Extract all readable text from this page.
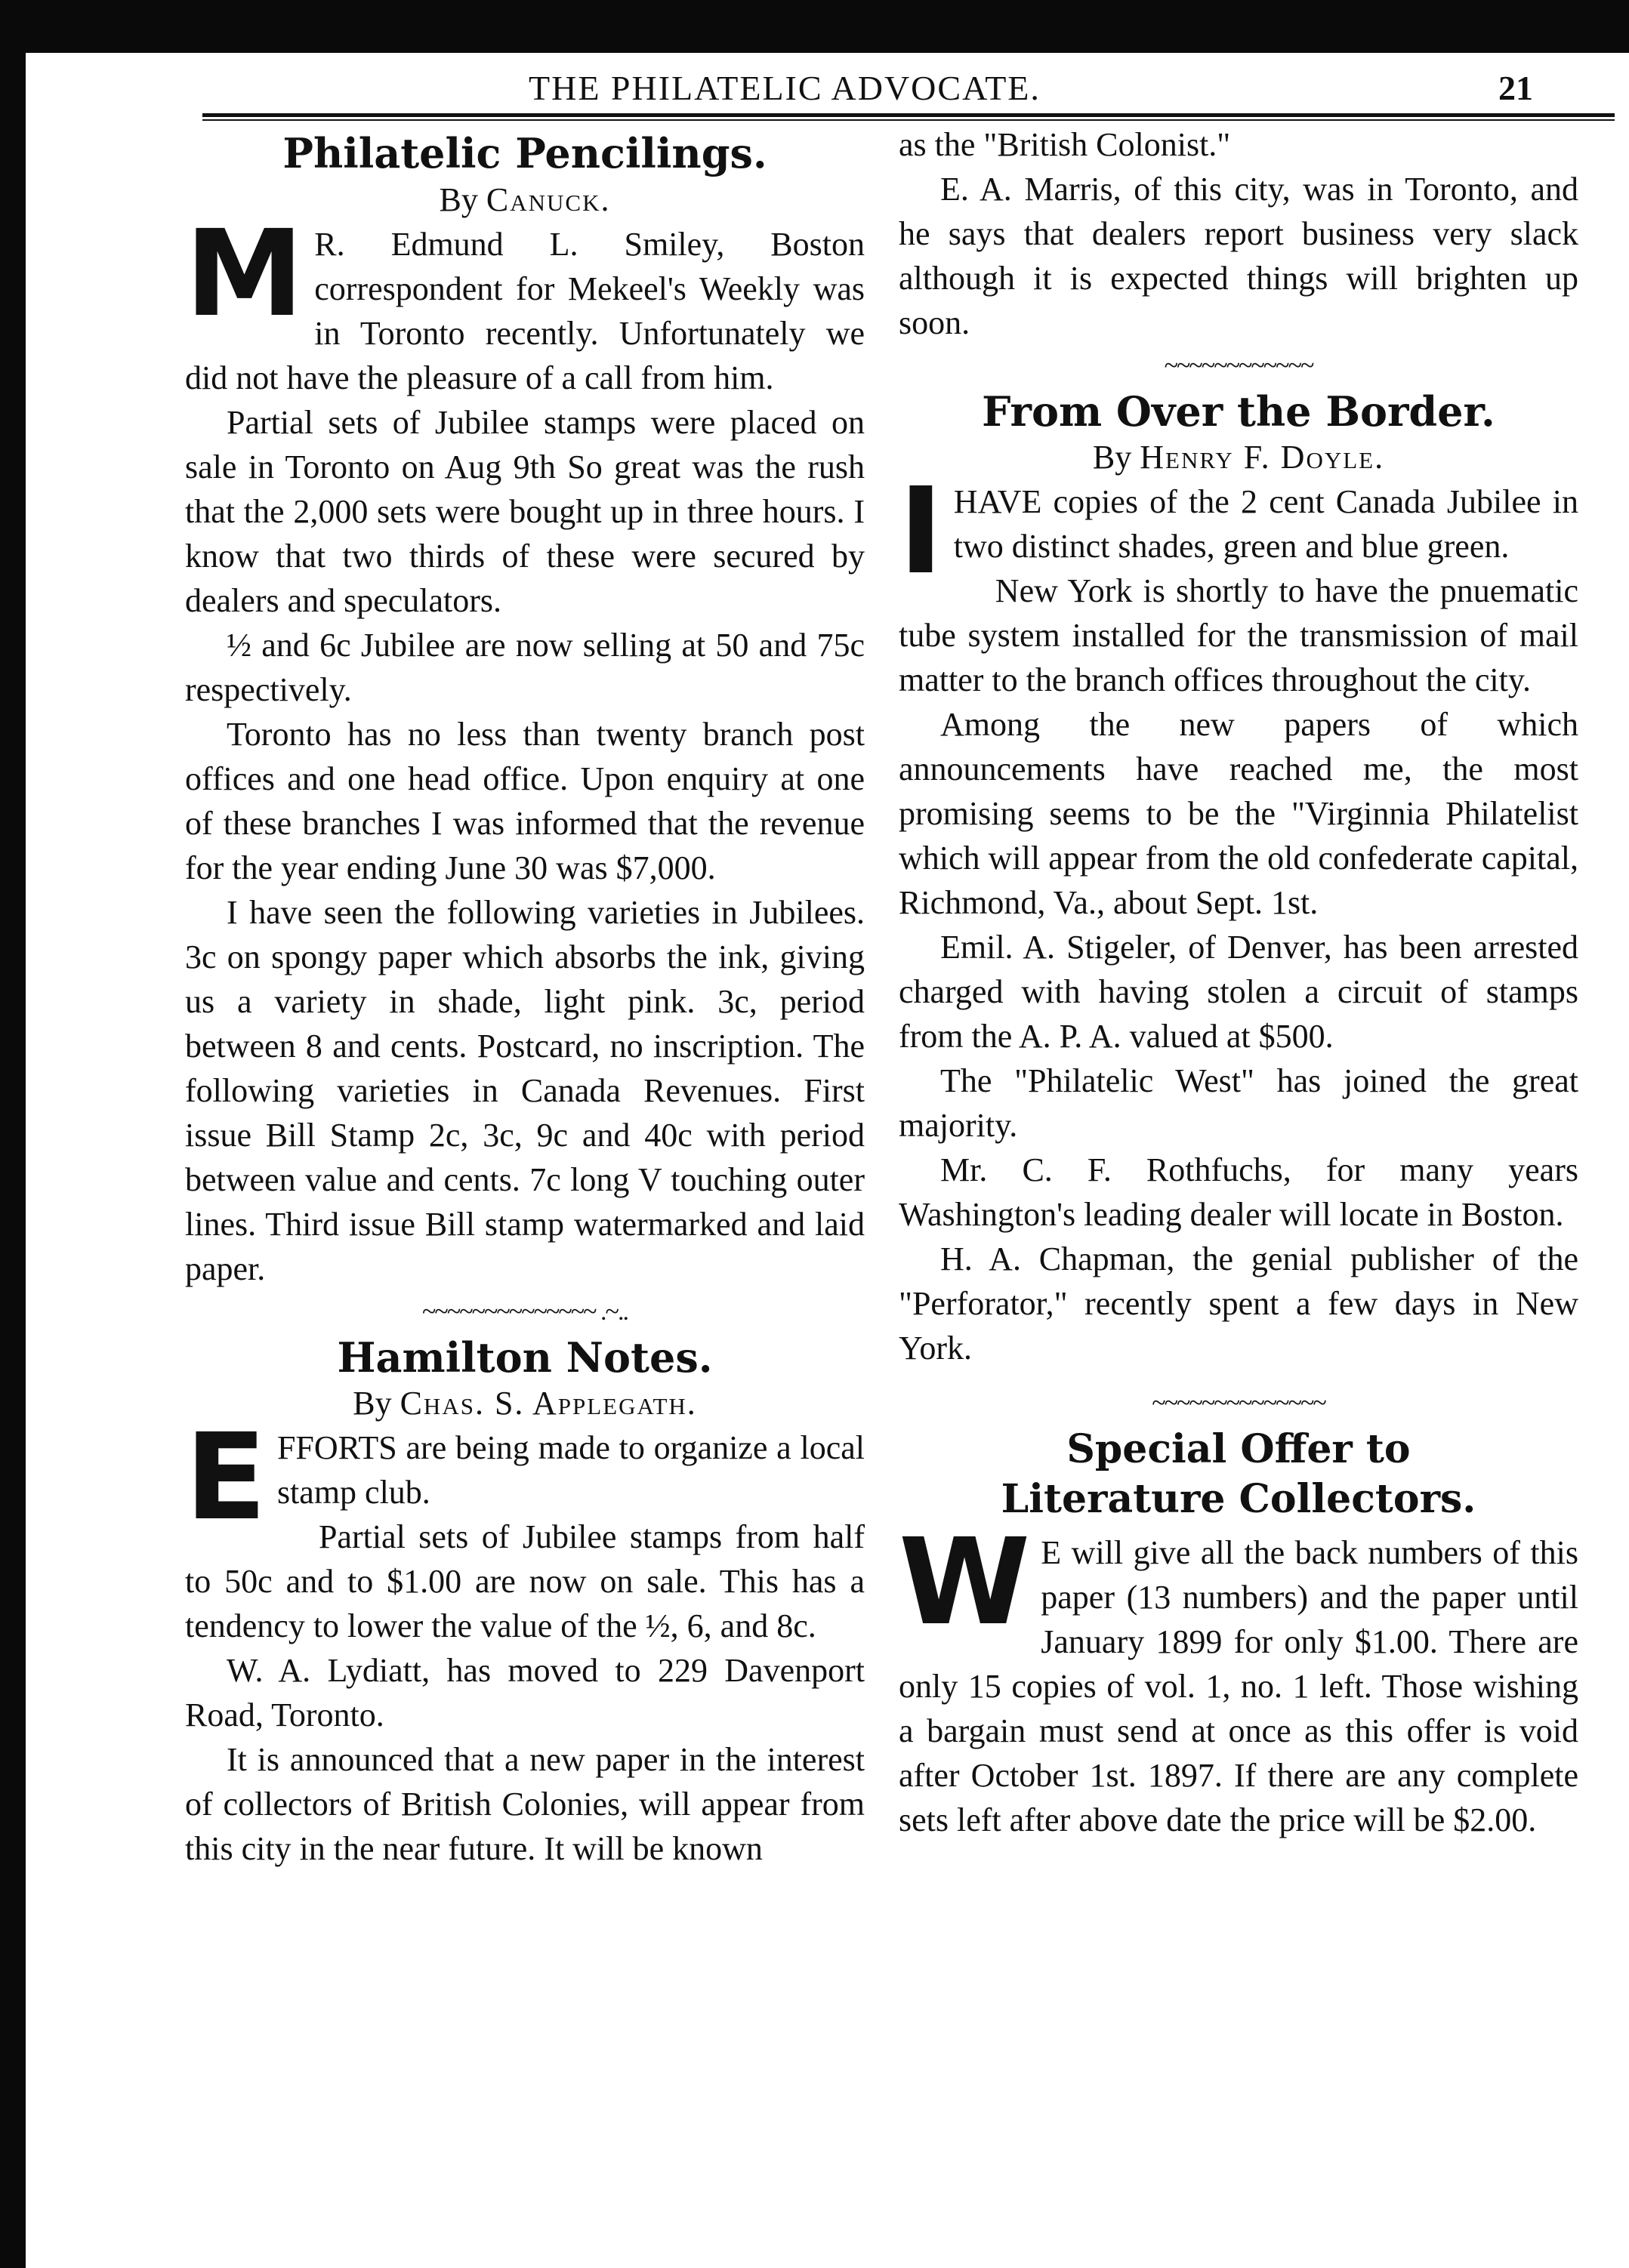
THE PHILATELIC ADVOCATE.	21
Philatelic Pencilings.

By Canuck.

M R. Edmund L. Smiley, Boston correspondent for Mekeel's Weekly was in Toronto recently. Unfortunately we did not have the pleasure of a call from him.

Partial sets of Jubilee stamps were placed on sale in Toronto on Aug 9th So great was the rush that the 2,000 sets were bought up in three hours. I know that two thirds of these were secured by dealers and speculators.

½ and 6c Jubilee are now selling at 50 and 75c respectively.

Toronto has no less than twenty branch post offices and one head office. Upon enquiry at one of these branches I was informed that the revenue for the year ending June 30 was $7,000.

I have seen the following varieties in Jubilees. 3c on spongy paper which absorbs the ink, giving us a variety in shade, light pink. 3c, period between 8 and cents. Postcard, no inscription. The following varieties in Canada Revenues. First issue Bill Stamp 2c, 3c, 9c and 40c with period between value and cents. 7c long V touching outer lines. Third issue Bill stamp watermarked and laid paper.

~~~~~~~~~~~~~~ .~..
Hamilton Notes.

By Chas. S. Applegath.

E FFORTS are being made to organize a local stamp club.

Partial sets of Jubilee stamps from half to 50c and to $1.00 are now on sale. This has a tendency to lower the value of the ½, 6, and 8c.

W. A. Lydiatt, has moved to 229 Davenport Road, Toronto.

It is announced that a new paper in the interest of collectors of British Colonies, will appear from this city in the near future. It will be known

as the "British Colonist."

E. A. Marris, of this city, was in Toronto, and he says that dealers report business very slack although it is expected things will brighten up soon.

~~~~~~~~~~~~
From Over the Border.

By Henry F. Doyle.

I HAVE copies of the 2 cent Canada Jubilee in two distinct shades, green and blue green.

New York is shortly to have the pnuematic tube system installed for the transmission of mail matter to the branch offices throughout the city.

Among the new papers of which announcements have reached me, the most promising seems to be the "Virginnia Philatelist which will appear from the old confederate capital, Richmond, Va., about Sept. 1st.

Emil. A. Stigeler, of Denver, has been arrested charged with having stolen a circuit of stamps from the A. P. A. valued at $500.

The "Philatelic West" has joined the great majority.

Mr. C. F. Rothfuchs, for many years Washington's leading dealer will locate in Boston.

H. A. Chapman, the genial publisher of the "Perforator," recently spent a few days in New York.

~~~~~~~~~~~~~~
Special Offer to
Literature Collectors.

W E will give all the back numbers of this paper (13 numbers) and the paper until January 1899 for only $1.00. There are only 15 copies of vol. 1, no. 1 left. Those wishing a bargain must send at once as this offer is void after October 1st. 1897. If there are any complete sets left after above date the price will be $2.00.
